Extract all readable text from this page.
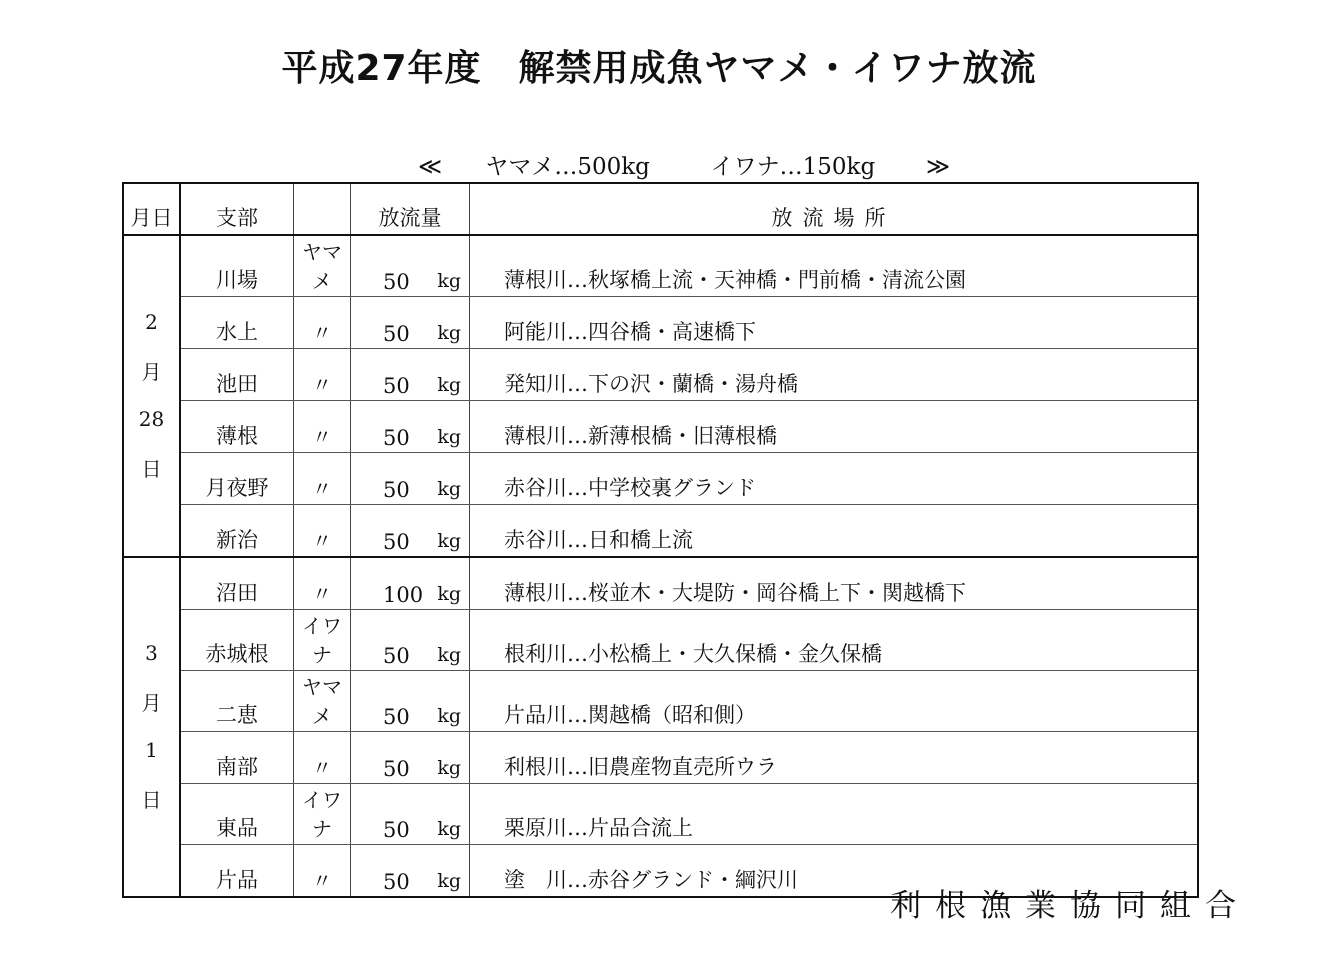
平成27年度　解禁用成魚ヤマメ・イワナ放流
≪ ヤマメ…500kg	イワナ…150kg ≫
月日	支部		放流量	放流場所

2
月
28
日	川場	ヤマメ	50 kg	薄根川…秋塚橋上流・天神橋・門前橋・清流公園
	水上	〃	50 kg	阿能川…四谷橋・高速橋下
	池田	〃	50 kg	発知川…下の沢・蘭橋・湯舟橋
	薄根	〃	50 kg	薄根川…新薄根橋・旧薄根橋
	月夜野	〃	50 kg	赤谷川…中学校裏グランド
	新治	〃	50 kg	赤谷川…日和橋上流

3
月
1
日	沼田	〃	100 kg	薄根川…桜並木・大堤防・岡谷橋上下・関越橋下
	赤城根	イワナ	50 kg	根利川…小松橋上・大久保橋・金久保橋
	二恵	ヤマメ	50 kg	片品川…関越橋（昭和側）
	南部	〃	50 kg	利根川…旧農産物直売所ウラ
	東品	イワナ	50 kg	栗原川…片品合流上
	片品	〃	50 kg	塗　川…赤谷グランド・綱沢川
利根漁業協同組合
